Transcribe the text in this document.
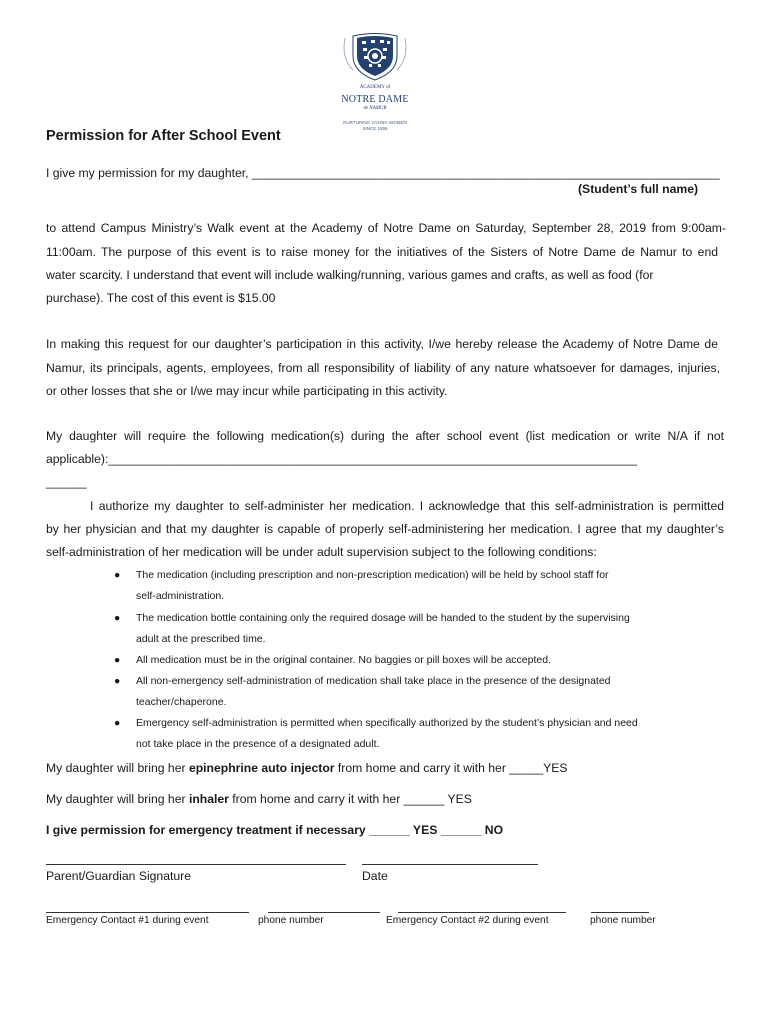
ACADEMY of
NOTRE DAME
de NAMUR
NURTURING YOUNG WOMEN
SINCE 1856
Permission for After School Event
I give my permission for my daughter, _____________________________________________________________________
(Student’s full name)
to attend Campus Ministry’s Walk event at the Academy of Notre Dame on Saturday, September 28, 2019 from 9:00am-
11:00am. The purpose of this event is to raise money for the initiatives of the Sisters of Notre Dame de Namur to end
water scarcity. I understand that event will include walking/running, various games and crafts, as well as food (for
purchase). The cost of this event is $15.00
In making this request for our daughter’s participation in this activity, I/we hereby release the Academy of Notre Dame de
Namur, its principals, agents, employees, from all responsibility of liability of any nature whatsoever for damages, injuries,
or other losses that she or I/we may incur while participating in this activity.
My daughter will require the following medication(s) during the after school event (list medication or write N/A if not
applicable):______________________________________________________________________________
______
I authorize my daughter to self-administer her medication. I acknowledge that this self-administration is permitted
by her physician and that my daughter is capable of properly self-administering her medication. I agree that my daughter’s
self-administration of her medication will be under adult supervision subject to the following conditions:
● The medication (including prescription and non-prescription medication) will be held by school staff for
self-administration.
● The medication bottle containing only the required dosage will be handed to the student by the supervising
adult at the prescribed time.
● All medication must be in the original container. No baggies or pill boxes will be accepted.
● All non-emergency self-administration of medication shall take place in the presence of the designated
teacher/chaperone.
● Emergency self-administration is permitted when specifically authorized by the student’s physician and need
not take place in the presence of a designated adult.
My daughter will bring her epinephrine auto injector from home and carry it with her _____YES
My daughter will bring her inhaler from home and carry it with her ______ YES
I give permission for emergency treatment if necessary ______ YES ______ NO
Parent/Guardian Signature	Date
Emergency Contact #1 during event	phone number	Emergency Contact #2 during event	phone number
